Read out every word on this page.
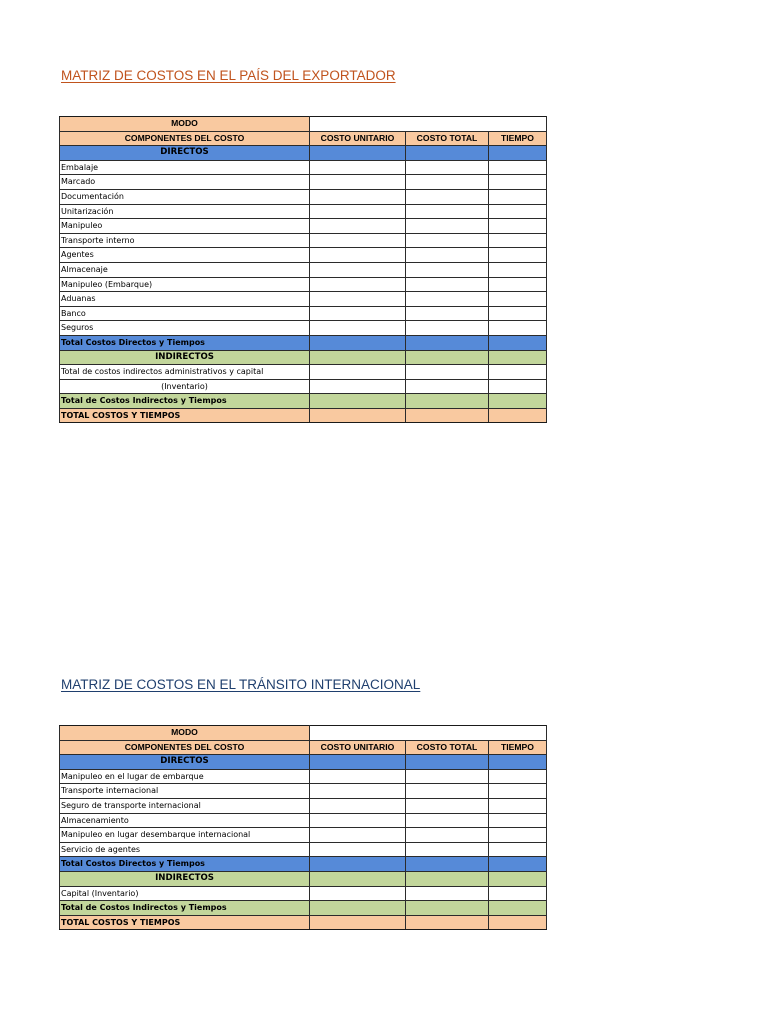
MATRIZ DE COSTOS EN EL PAÍS DEL EXPORTADOR
MODO			
COMPONENTES DEL COSTO	COSTO UNITARIO	COSTO TOTAL	TIEMPO
DIRECTOS			
Embalaje			
Marcado			
Documentación			
Unitarización			
Manipuleo			
Transporte interno			
Agentes			
Almacenaje			
Manipuleo (Embarque)			
Aduanas			
Banco			
Seguros			
Total Costos Directos y Tiempos			
INDIRECTOS			
Total de costos indirectos administrativos y capital			
(Inventario)			
Total de Costos Indirectos y Tiempos			
TOTAL COSTOS Y TIEMPOS			
MATRIZ DE COSTOS EN EL TRÁNSITO INTERNACIONAL
MODO			
COMPONENTES DEL COSTO	COSTO UNITARIO	COSTO TOTAL	TIEMPO
DIRECTOS			
Manipuleo en el lugar de embarque			
Transporte internacional			
Seguro de transporte internacional			
Almacenamiento			
Manipuleo en lugar desembarque internacional			
Servicio de agentes			
Total Costos Directos y Tiempos			
INDIRECTOS			
Capital (Inventario)			
Total de Costos Indirectos y Tiempos			
TOTAL COSTOS Y TIEMPOS			
